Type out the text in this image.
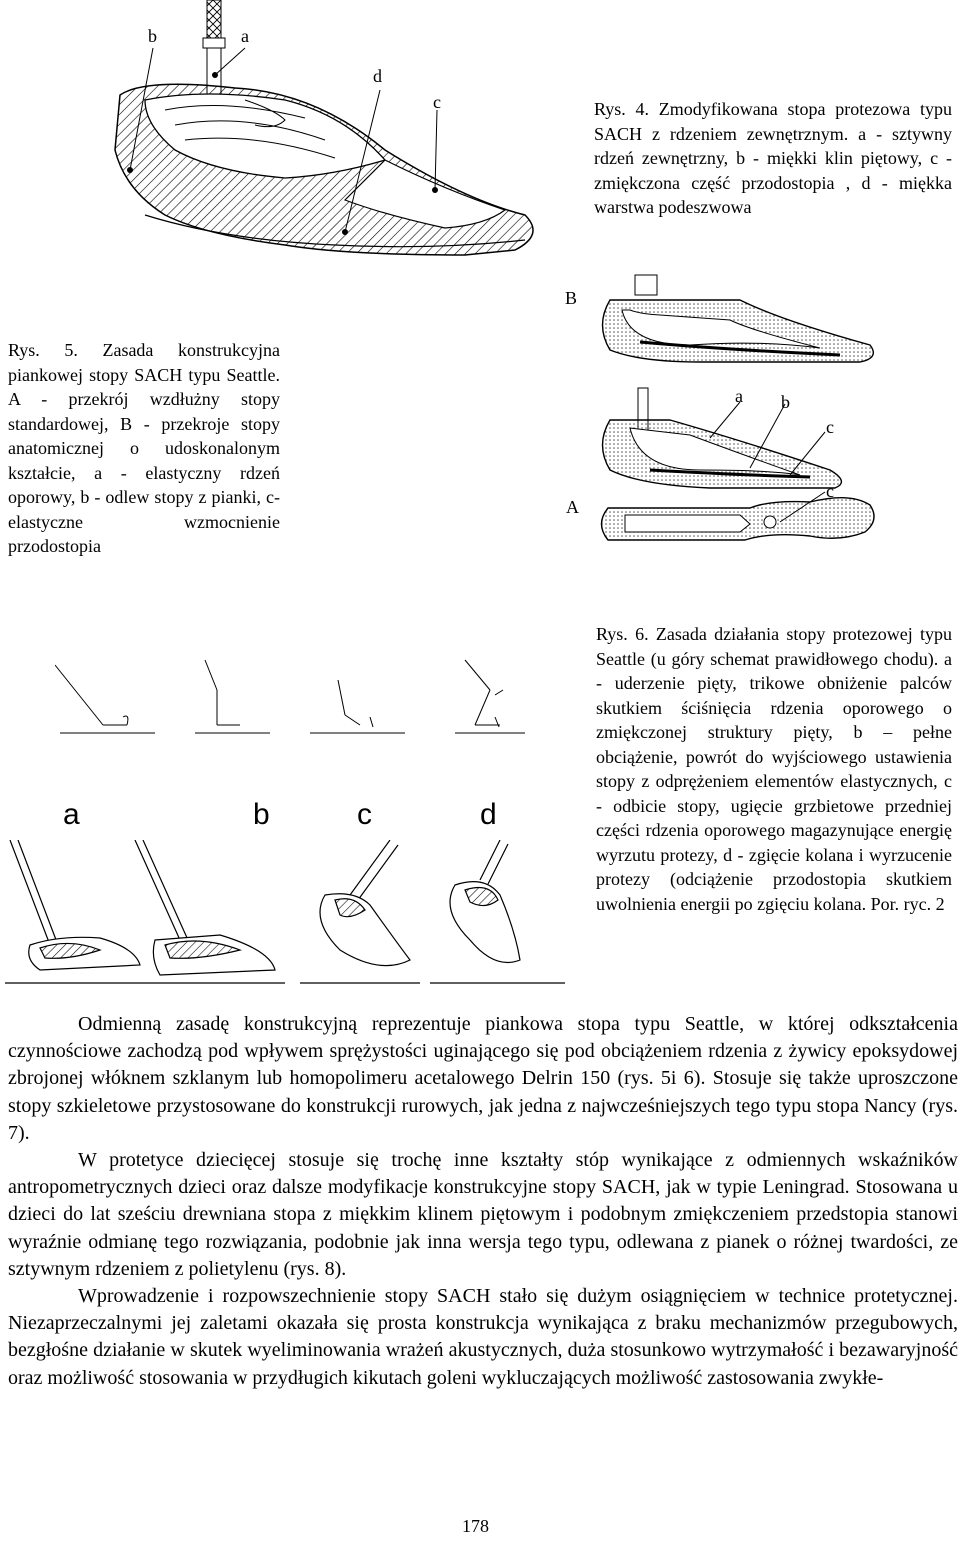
b	a
d
c	Rys. 4. Zmodyfikowana stopa protezowa typu SACH z rdzeniem zewnętrznym. a - sztywny rdzeń zewnętrzny, b - miękki klin piętowy, c - zmiękczona część przodostopia , d - miękka warstwa podeszwowa

Rys. 5. Zasada konstrukcyjna piankowej stopy SACH typu Seattle. A - przekrój wzdłużny stopy standardowej, B - przekroje stopy anatomicznej o udoskonalonym kształcie, a - elastyczny rdzeń oporowy, b - odlew stopy z pianki, c- elastyczne wzmocnienie przodostopia

B
a b
c
A
c
a	b	c	d

Rys. 6. Zasada działania stopy protezowej typu Seattle (u góry schemat prawidłowego chodu). a - uderzenie pięty, trikowe obniżenie palców skutkiem ściśnięcia rdzenia oporowego o zmiękczonej struktury pięty, b – pełne obciążenie, powrót do wyjściowego ustawienia stopy z odprężeniem elementów elastycznych, c - odbicie stopy, ugięcie grzbietowe przedniej części rdzenia oporowego magazynujące energię wyrzutu protezy, d - zgięcie kolana i wyrzucenie protezy (odciążenie przodostopia skutkiem uwolnienia energii po zgięciu kolana. Por. ryc. 2

Odmienną zasadę konstrukcyjną reprezentuje piankowa stopa typu Seattle, w której odkształcenia czynnościowe zachodzą pod wpływem sprężystości uginającego się pod obciążeniem rdzenia z żywicy epoksydowej zbrojonej włóknem szklanym lub homopolimeru acetalowego Delrin 150 (rys. 5i 6). Stosuje się także uproszczone stopy szkieletowe przystosowane do konstrukcji rurowych, jak jedna z najwcześniejszych tego typu stopa Nancy (rys. 7).

W protetyce dziecięcej stosuje się trochę inne kształty stóp wynikające z odmiennych wskaźników antropometrycznych dzieci oraz dalsze modyfikacje konstrukcyjne stopy SACH, jak w typie Leningrad. Stosowana u dzieci do lat sześciu drewniana stopa z miękkim klinem piętowym i podobnym zmiękczeniem przedstopia stanowi wyraźnie odmianę tego rozwiązania, podobnie jak inna wersja tego typu, odlewana z pianek o różnej twardości, ze sztywnym rdzeniem z polietylenu (rys. 8).

Wprowadzenie i rozpowszechnienie stopy SACH stało się dużym osiągnięciem w technice protetycznej. Niezaprzeczalnymi jej zaletami okazała się prosta konstrukcja wynikająca z braku mechanizmów przegubowych, bezgłośne działanie w skutek wyeliminowania wrażeń akustycznych, duża stosunkowo wytrzymałość i bezawaryjność oraz możliwość stosowania w przydługich kikutach goleni wykluczających możliwość zastosowania zwykłe-

178
